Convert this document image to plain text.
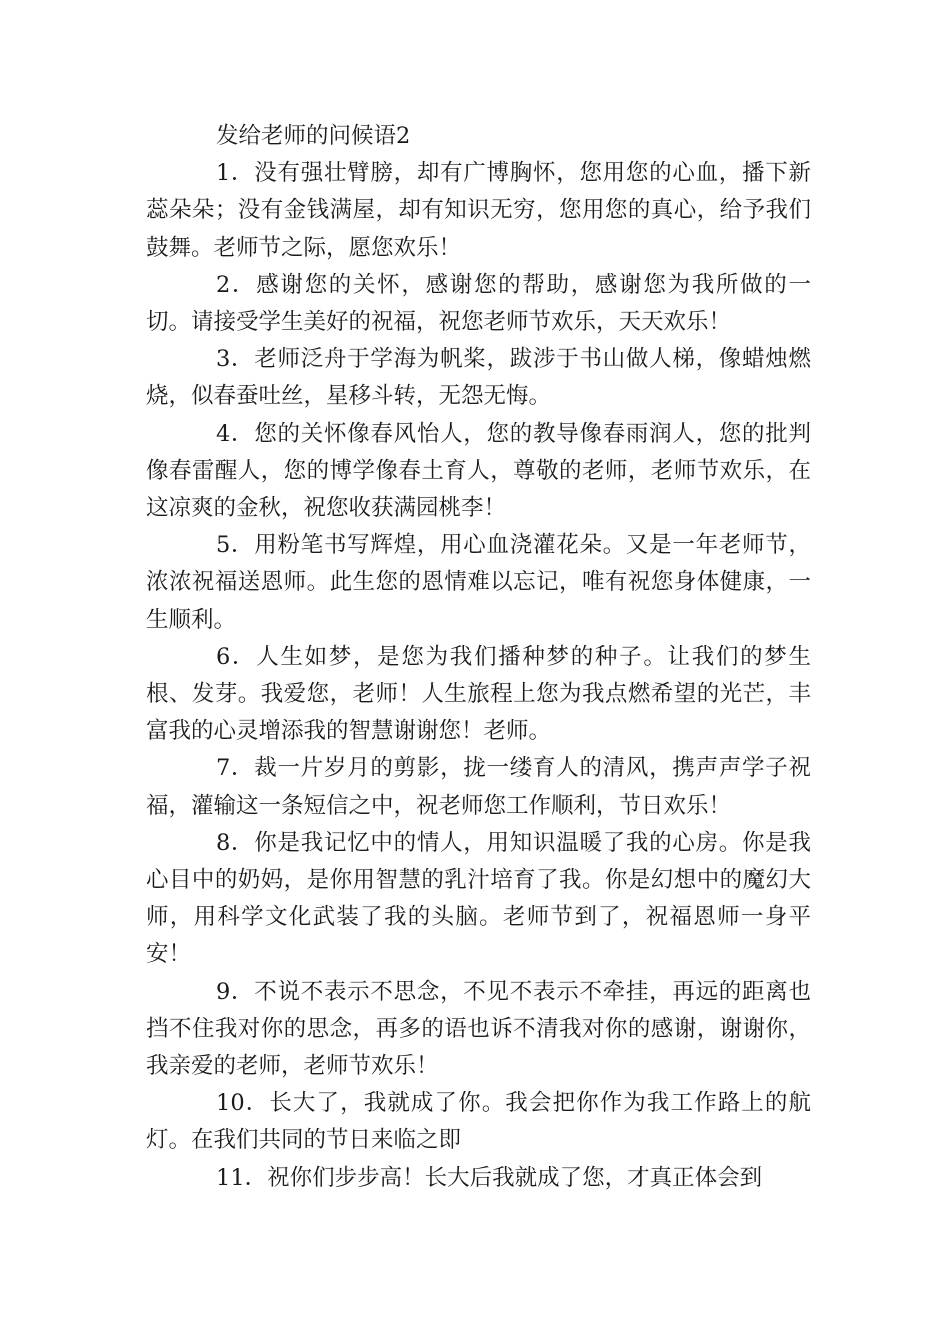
发给老师的问候语2

1．没有强壮臂膀，却有广博胸怀，您用您的心血，播下新蕊朵朵；没有金钱满屋，却有知识无穷，您用您的真心，给予我们鼓舞。老师节之际，愿您欢乐！

2．感谢您的关怀，感谢您的帮助，感谢您为我所做的一切。请接受学生美好的祝福，祝您老师节欢乐，天天欢乐！

3．老师泛舟于学海为帆桨，跋涉于书山做人梯，像蜡烛燃烧，似春蚕吐丝，星移斗转，无怨无悔。

4．您的关怀像春风怡人，您的教导像春雨润人，您的批判像春雷醒人，您的博学像春土育人，尊敬的老师，老师节欢乐，在这凉爽的金秋，祝您收获满园桃李！

5．用粉笔书写辉煌，用心血浇灌花朵。又是一年老师节，浓浓祝福送恩师。此生您的恩情难以忘记，唯有祝您身体健康，一生顺利。

6．人生如梦，是您为我们播种梦的种子。让我们的梦生根、发芽。我爱您，老师！人生旅程上您为我点燃希望的光芒，丰富我的心灵增添我的智慧谢谢您！老师。

7．裁一片岁月的剪影，拢一缕育人的清风，携声声学子祝福，灌输这一条短信之中，祝老师您工作顺利，节日欢乐！

8．你是我记忆中的情人，用知识温暖了我的心房。你是我心目中的奶妈，是你用智慧的乳汁培育了我。你是幻想中的魔幻大师，用科学文化武装了我的头脑。老师节到了，祝福恩师一身平安！

9．不说不表示不思念，不见不表示不牵挂，再远的距离也挡不住我对你的思念，再多的语也诉不清我对你的感谢，谢谢你，我亲爱的老师，老师节欢乐！

10．长大了，我就成了你。我会把你作为我工作路上的航灯。在我们共同的节日来临之即

11．祝你们步步高！长大后我就成了您，才真正体会到
